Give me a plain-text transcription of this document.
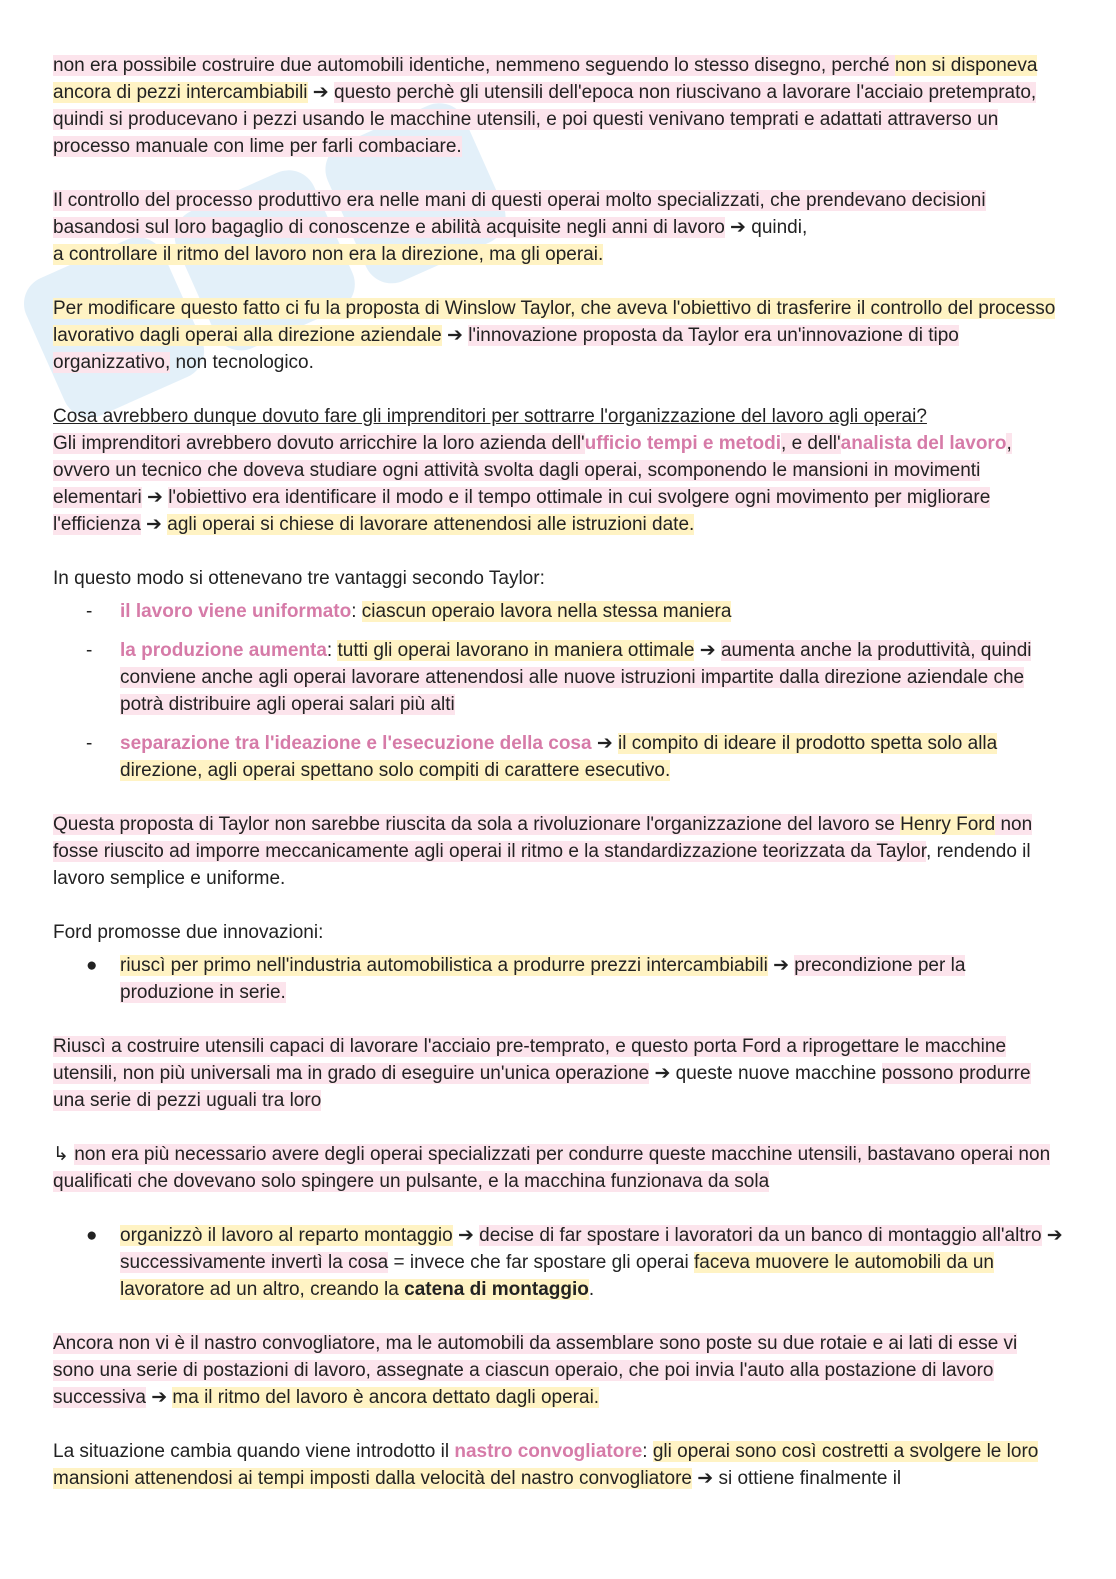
non era possibile costruire due automobili identiche, nemmeno seguendo lo stesso disegno, perché non si disponeva ancora di pezzi intercambiabili ➔ questo perchè gli utensili dell'epoca non riuscivano a lavorare l'acciaio pretemprato, quindi si producevano i pezzi usando le macchine utensili, e poi questi venivano temprati e adattati attraverso un processo manuale con lime per farli combaciare.

Il controllo del processo produttivo era nelle mani di questi operai molto specializzati, che prendevano decisioni basandosi sul loro bagaglio di conoscenze e abilità acquisite negli anni di lavoro ➔ quindi,
a controllare il ritmo del lavoro non era la direzione, ma gli operai.

Per modificare questo fatto ci fu la proposta di Winslow Taylor, che aveva l'obiettivo di trasferire il controllo del processo lavorativo dagli operai alla direzione aziendale ➔ l'innovazione proposta da Taylor era un'innovazione di tipo organizzativo, non tecnologico.

Cosa avrebbero dunque dovuto fare gli imprenditori per sottrarre l'organizzazione del lavoro agli operai?

Gli imprenditori avrebbero dovuto arricchire la loro azienda dell'ufficio tempi e metodi, e dell'analista del lavoro, ovvero un tecnico che doveva studiare ogni attività svolta dagli operai, scomponendo le mansioni in movimenti elementari ➔ l'obiettivo era identificare il modo e il tempo ottimale in cui svolgere ogni movimento per migliorare l'efficienza ➔ agli operai si chiese di lavorare attenendosi alle istruzioni date.

In questo modo si ottenevano tre vantaggi secondo Taylor:

-	il lavoro viene uniformato: ciascun operaio lavora nella stessa maniera
-	la produzione aumenta: tutti gli operai lavorano in maniera ottimale ➔ aumenta anche la produttività, quindi conviene anche agli operai lavorare attenendosi alle nuove istruzioni impartite dalla direzione aziendale che potrà distribuire agli operai salari più alti
-	separazione tra l'ideazione e l'esecuzione della cosa ➔ il compito di ideare il prodotto spetta solo alla direzione, agli operai spettano solo compiti di carattere esecutivo.

Questa proposta di Taylor non sarebbe riuscita da sola a rivoluzionare l'organizzazione del lavoro se Henry Ford non fosse riuscito ad imporre meccanicamente agli operai il ritmo e la standardizzazione teorizzata da Taylor, rendendo il lavoro semplice e uniforme.

Ford promosse due innovazioni:

●	riuscì per primo nell'industria automobilistica a produrre prezzi intercambiabili ➔ precondizione per la produzione in serie.

Riuscì a costruire utensili capaci di lavorare l'acciaio pre-temprato, e questo porta Ford a riprogettare le macchine utensili, non più universali ma in grado di eseguire un'unica operazione ➔ queste nuove macchine possono produrre una serie di pezzi uguali tra loro

↳ non era più necessario avere degli operai specializzati per condurre queste macchine utensili, bastavano operai non qualificati che dovevano solo spingere un pulsante, e la macchina funzionava da sola

●	organizzò il lavoro al reparto montaggio ➔ decise di far spostare i lavoratori da un banco di montaggio all'altro ➔ successivamente invertì la cosa = invece che far spostare gli operai faceva muovere le automobili da un lavoratore ad un altro, creando la catena di montaggio.

Ancora non vi è il nastro convogliatore, ma le automobili da assemblare sono poste su due rotaie e ai lati di esse vi sono una serie di postazioni di lavoro, assegnate a ciascun operaio, che poi invia l'auto alla postazione di lavoro successiva ➔ ma il ritmo del lavoro è ancora dettato dagli operai.

La situazione cambia quando viene introdotto il nastro convogliatore: gli operai sono così costretti a svolgere le loro mansioni attenendosi ai tempi imposti dalla velocità del nastro convogliatore ➔ si ottiene finalmente il
